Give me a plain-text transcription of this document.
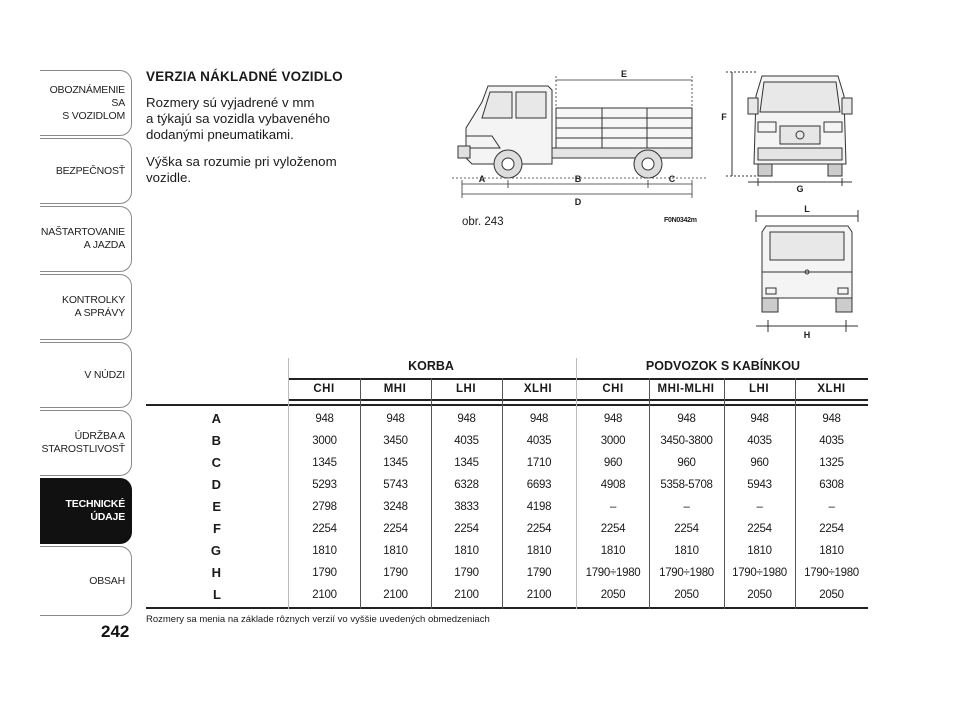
OBOZNÁMENIE SA
S VOZIDLOM
BEZPEČNOSŤ
NAŠTARTOVANIE
A JAZDA
KONTROLKY
A SPRÁVY
V NÚDZI
ÚDRŽBA A
STAROSTLIVOSŤ
TECHNICKÉ
ÚDAJE
OBSAH
242
VERZIA NÁKLADNÉ VOZIDLO
Rozmery sú vyjadrené v mm
a týkajú sa vozidla vybaveného
dodanými pneumatikami.
Výška sa rozumie pri vyloženom
vozidle.
E
A	B	C
D
obr. 243	F0N0342m
F
G
L
H
KORBA	PODVOZOK S KABÍNKOU
CHI	MHI	LHI	XLHI	CHI	MHI-MLHI	LHI	XLHI
A	948	948	948	948	948	948	948	948
B	3000	3450	4035	4035	3000	3450-3800	4035	4035
C	1345	1345	1345	1710	960	960	960	1325
D	5293	5743	6328	6693	4908	5358-5708	5943	6308
E	2798	3248	3833	4198	–	–	–	–
F	2254	2254	2254	2254	2254	2254	2254	2254
G	1810	1810	1810	1810	1810	1810	1810	1810
H	1790	1790	1790	1790	1790÷1980	1790÷1980	1790÷1980	1790÷1980
L	2100	2100	2100	2100	2050	2050	2050	2050
Rozmery sa menia na základe rôznych verzií vo vyššie uvedených obmedzeniach
